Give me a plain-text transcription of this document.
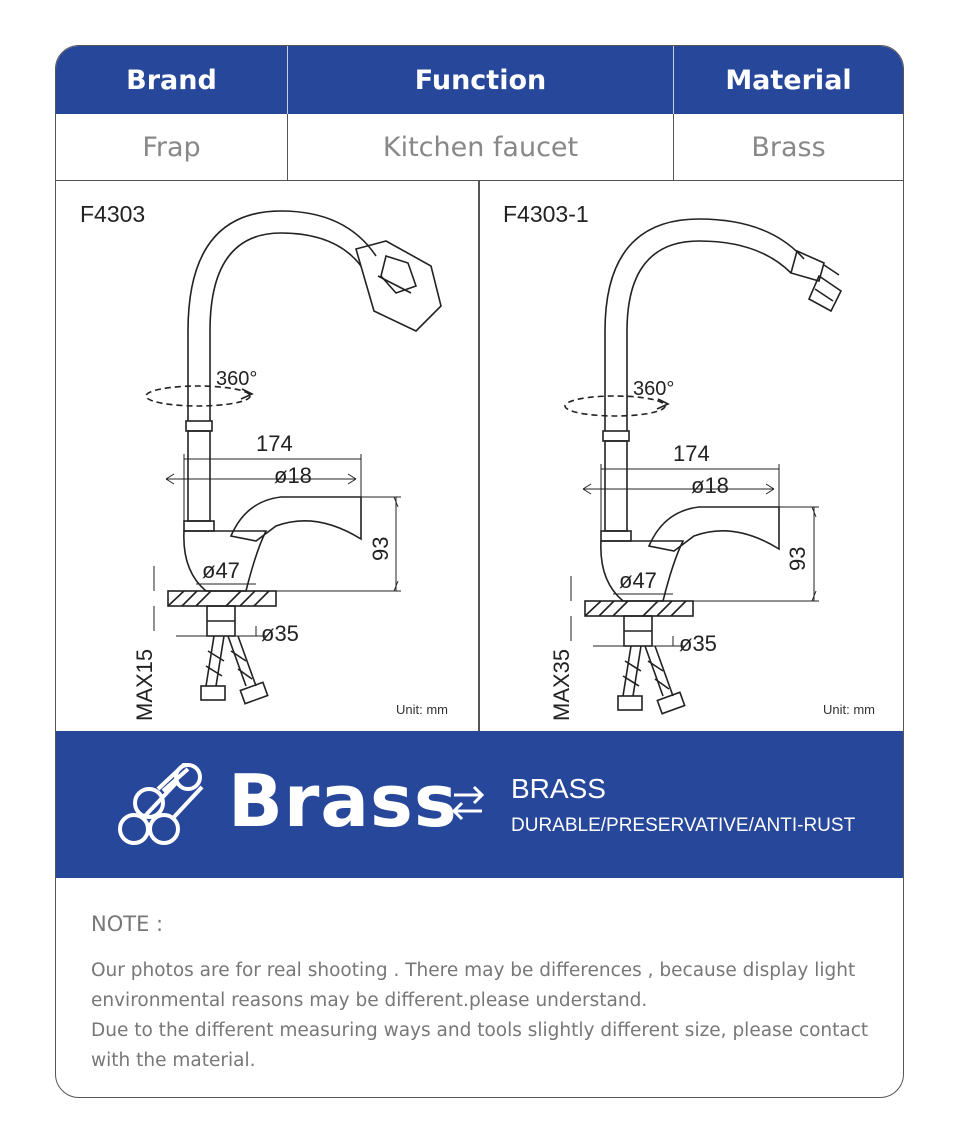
Brand	Function	Material
Frap	Kitchen faucet	Brass
F4303
360°
174
ø18
93
ø47
ø35
MAX15	Unit: mm
F4303-1
360°
174
ø18
93
ø47
ø35
MAX35	Unit: mm
Brass BRASS
DURABLE/PRESERVATIVE/ANTI-RUST
NOTE :

Our photos are for real shooting . There may be differences , because display light environmental reasons may be different.please understand.

Due to the different measuring ways and tools slightly different size, please contact with the material.
